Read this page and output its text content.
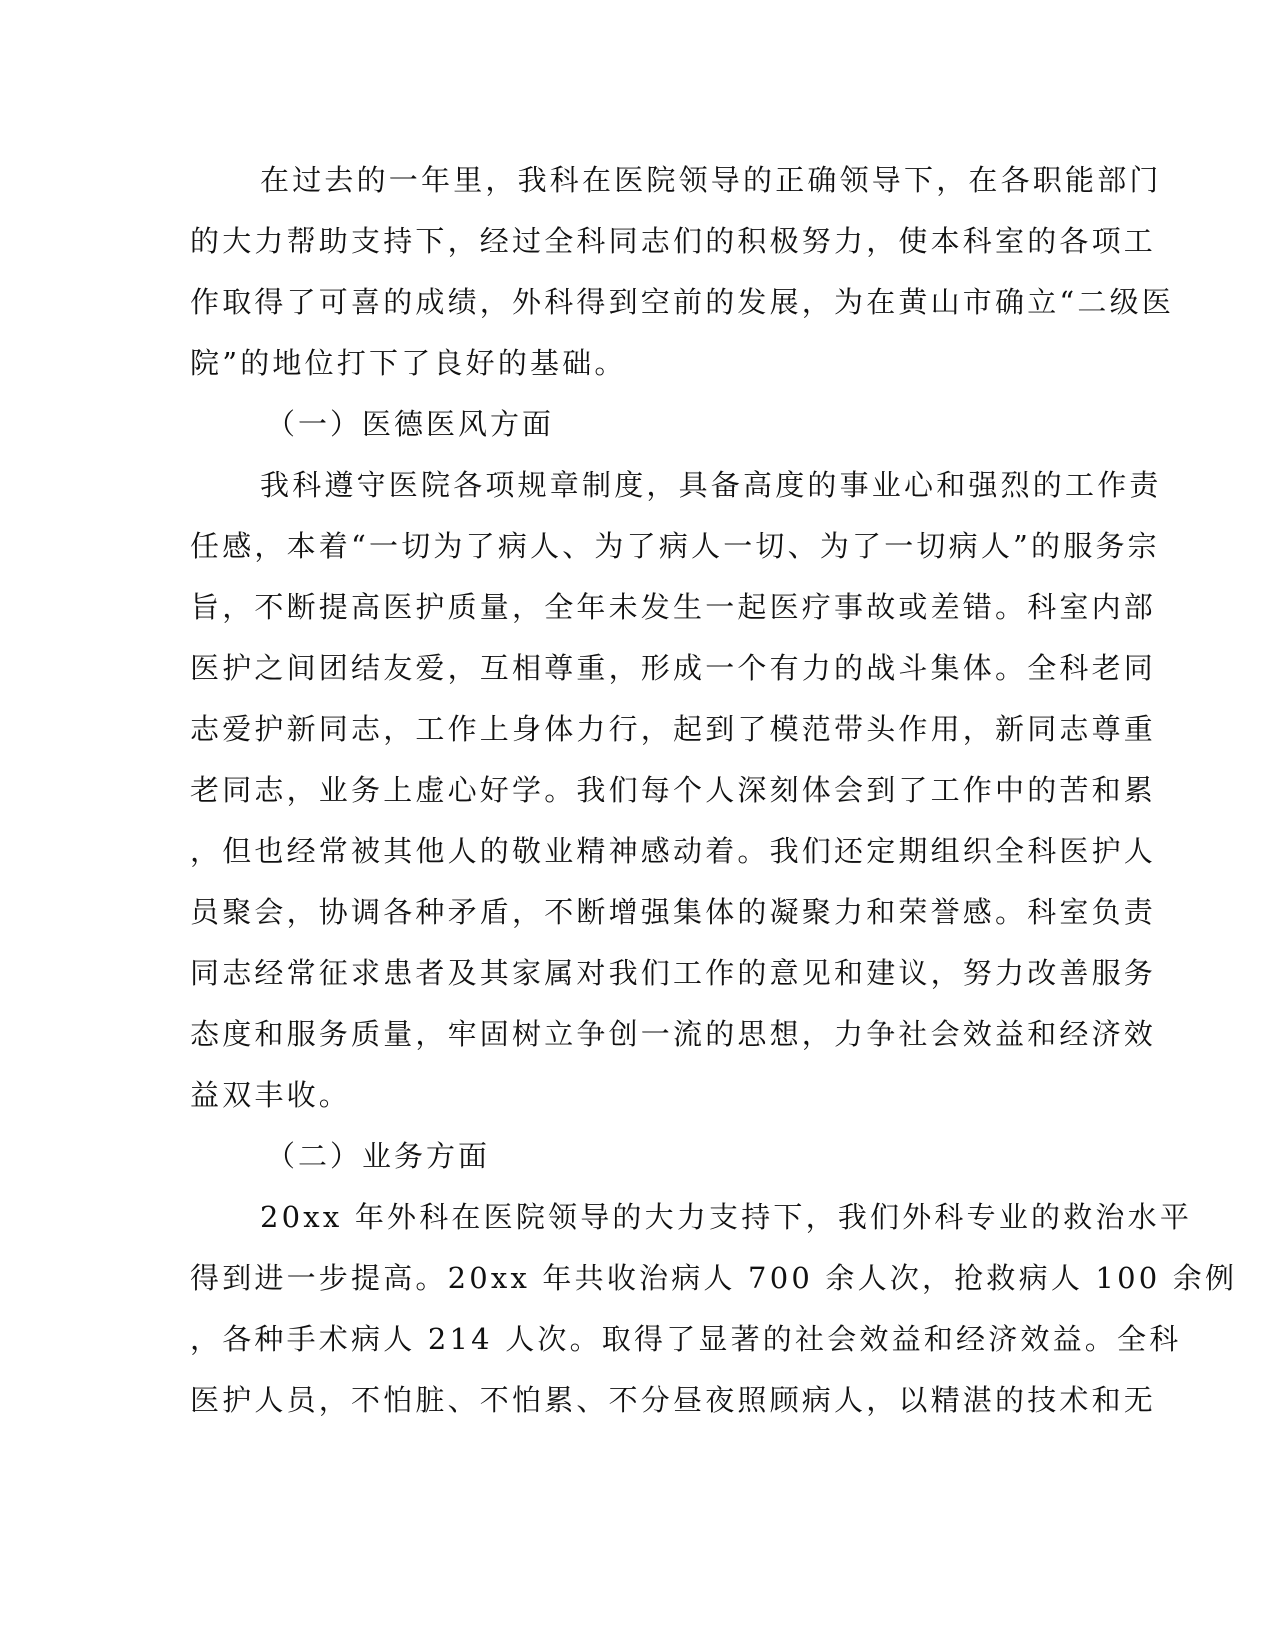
在过去的一年里，我科在医院领导的正确领导下，在各职能部门
的大力帮助支持下，经过全科同志们的积极努力，使本科室的各项工
作取得了可喜的成绩，外科得到空前的发展，为在黄山市确立“二级医
院”的地位打下了良好的基础。
（一）医德医风方面
我科遵守医院各项规章制度，具备高度的事业心和强烈的工作责
任感，本着“一切为了病人、为了病人一切、为了一切病人”的服务宗
旨，不断提高医护质量，全年未发生一起医疗事故或差错。科室内部
医护之间团结友爱，互相尊重，形成一个有力的战斗集体。全科老同
志爱护新同志，工作上身体力行，起到了模范带头作用，新同志尊重
老同志，业务上虚心好学。我们每个人深刻体会到了工作中的苦和累
，但也经常被其他人的敬业精神感动着。我们还定期组织全科医护人
员聚会，协调各种矛盾，不断增强集体的凝聚力和荣誉感。科室负责
同志经常征求患者及其家属对我们工作的意见和建议，努力改善服务
态度和服务质量，牢固树立争创一流的思想，力争社会效益和经济效
益双丰收。
（二）业务方面
20xx 年外科在医院领导的大力支持下，我们外科专业的救治水平
得到进一步提高。20xx 年共收治病人 700 余人次，抢救病人 100 余例
，各种手术病人 214 人次。取得了显著的社会效益和经济效益。全科
医护人员，不怕脏、不怕累、不分昼夜照顾病人，以精湛的技术和无
